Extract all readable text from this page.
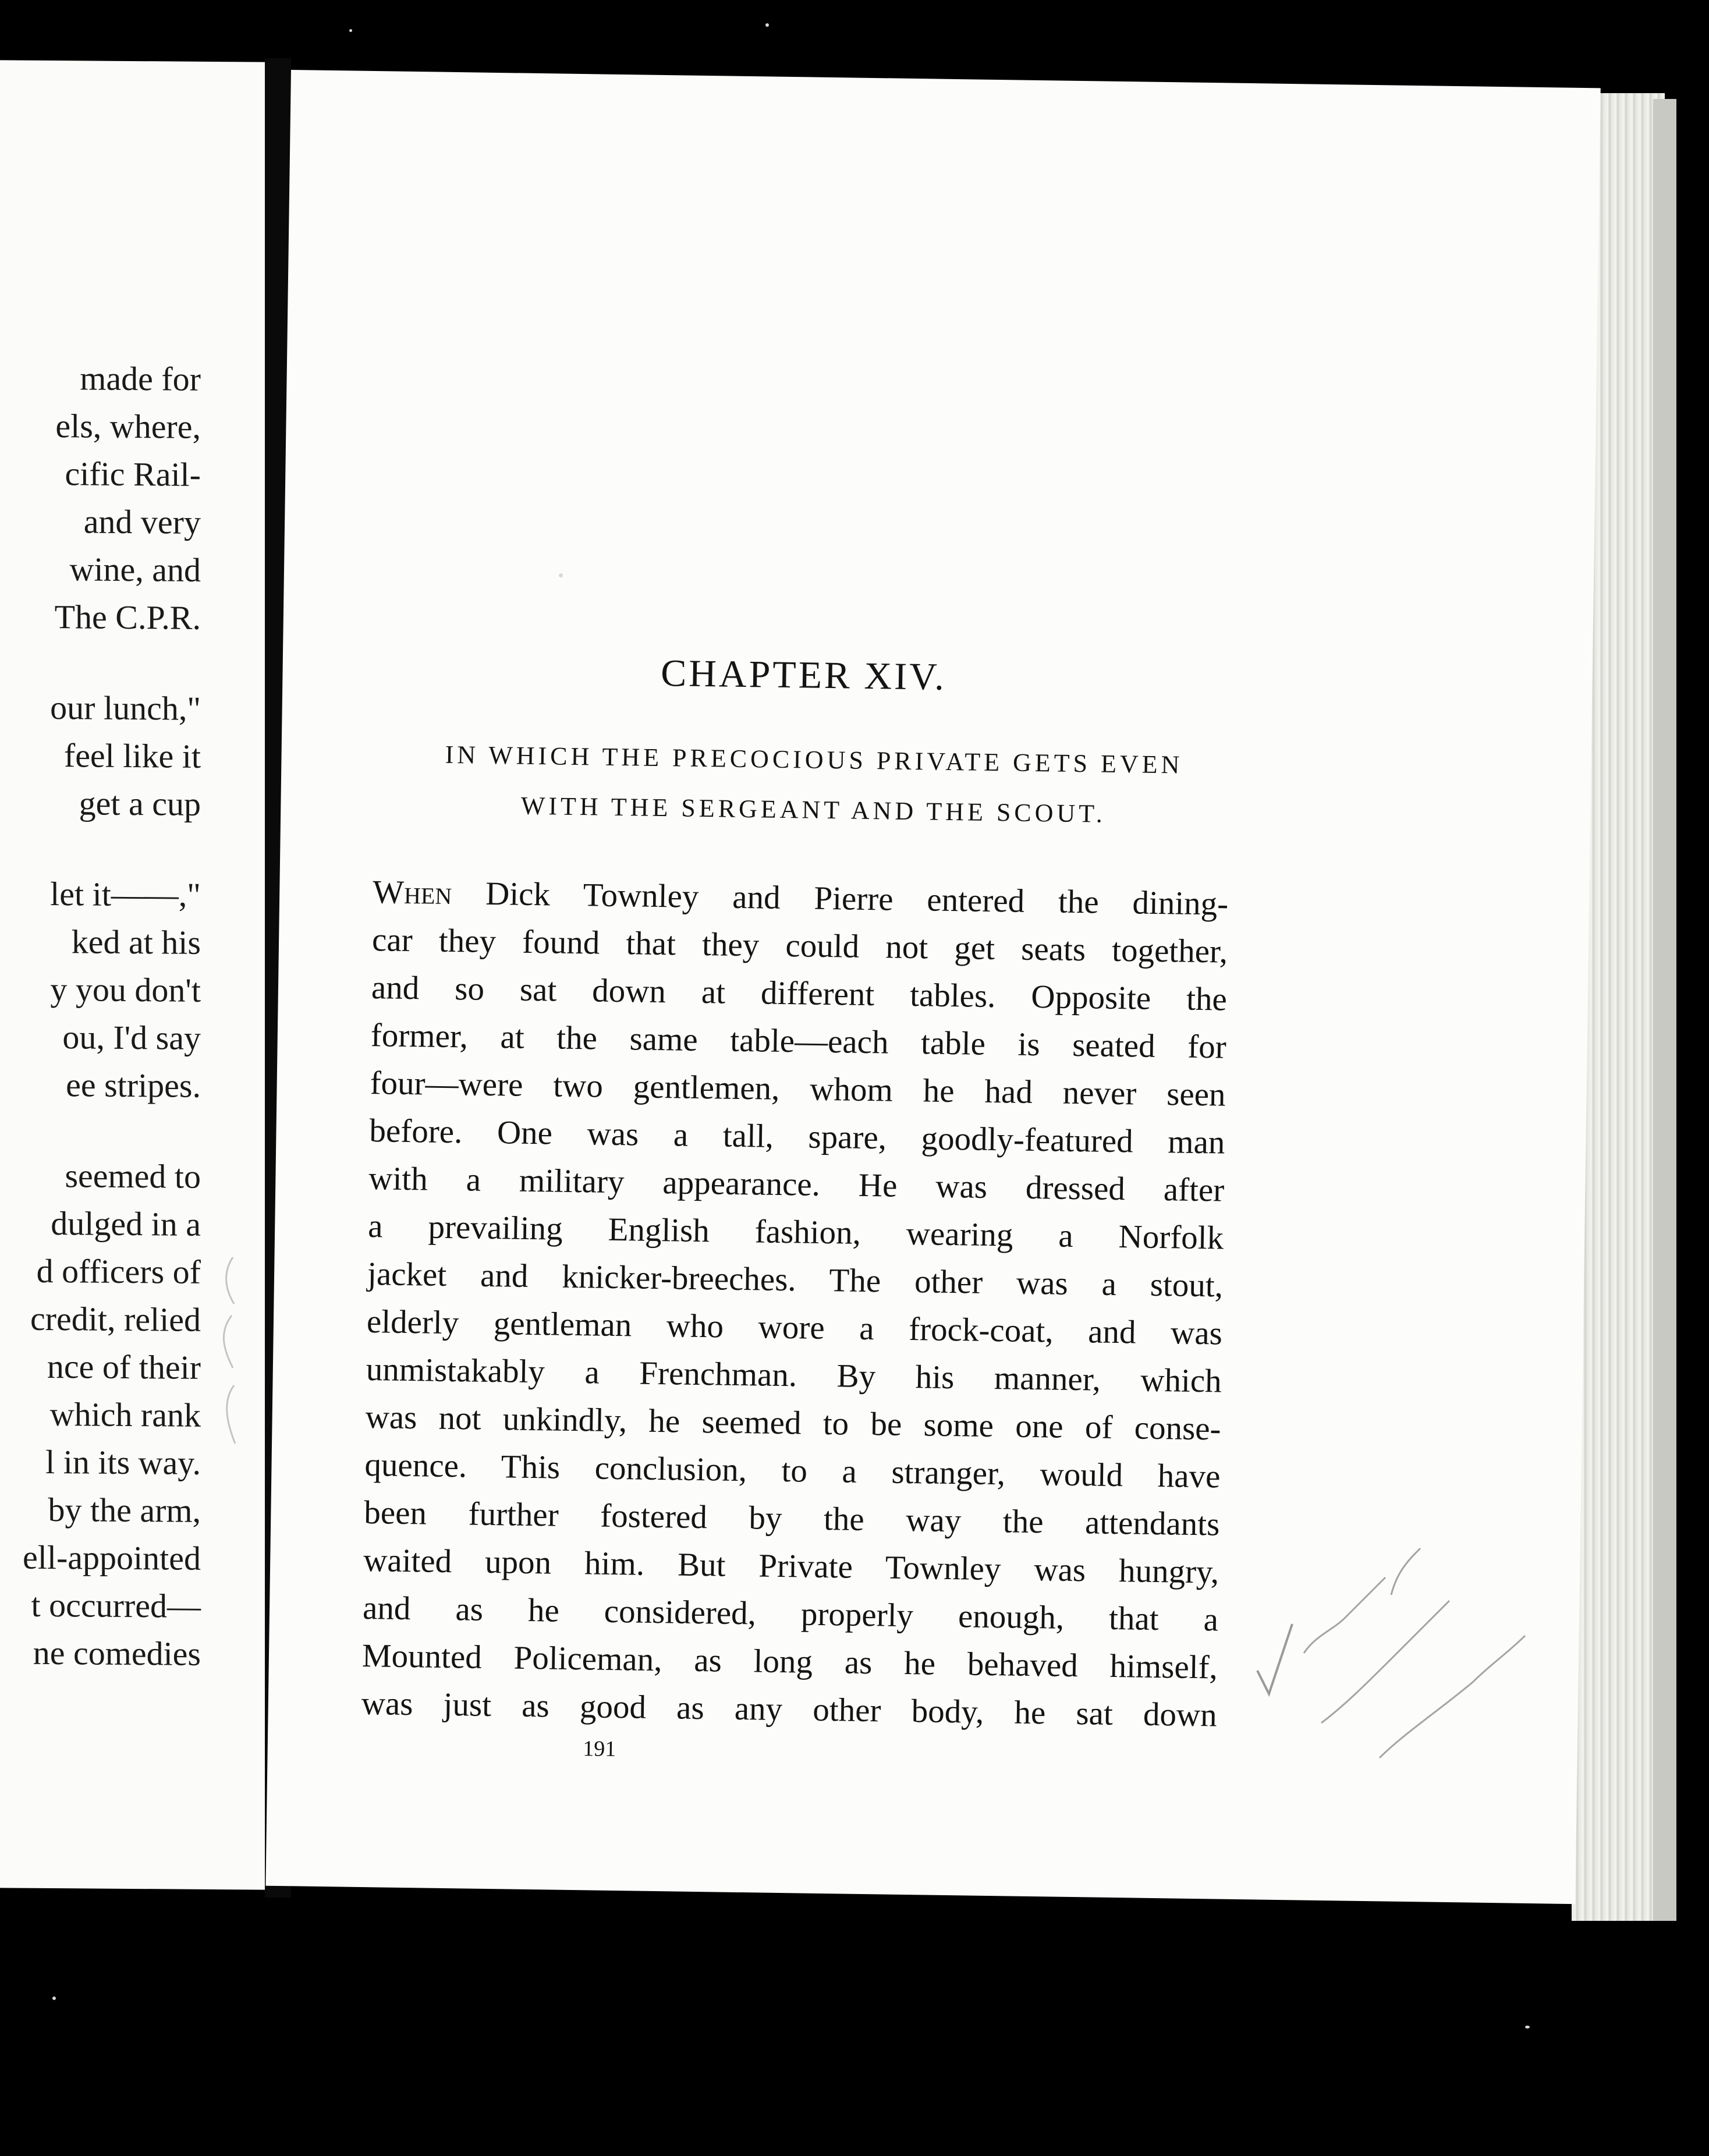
made for
els, where,
cific Rail-
and very
wine, and
The C.P.R.
our lunch,"
feel like it
get a cup
let it——,"
ked at his
y you don't
ou, I'd say
ee stripes.
seemed to
dulged in a
d officers of
credit, relied
nce of their
which rank
l in its way.
by the arm,
ell-appointed
t occurred—
ne comedies
CHAPTER XIV.
IN WHICH THE PRECOCIOUS PRIVATE GETS EVEN
WITH THE SERGEANT AND THE SCOUT.
When Dick Townley and Pierre entered the dining-
car they found that they could not get seats together,
and so sat down at different tables. Opposite the
former, at the same table—each table is seated for
four—were two gentlemen, whom he had never seen
before. One was a tall, spare, goodly-featured man
with a military appearance. He was dressed after
a prevailing English fashion, wearing a Norfolk
jacket and knicker-breeches. The other was a stout,
elderly gentleman who wore a frock-coat, and was
unmistakably a Frenchman. By his manner, which
was not unkindly, he seemed to be some one of conse-
quence. This conclusion, to a stranger, would have
been further fostered by the way the attendants
waited upon him. But Private Townley was hungry,
and as he considered, properly enough, that a
Mounted Policeman, as long as he behaved himself,
was just as good as any other body, he sat down
191
